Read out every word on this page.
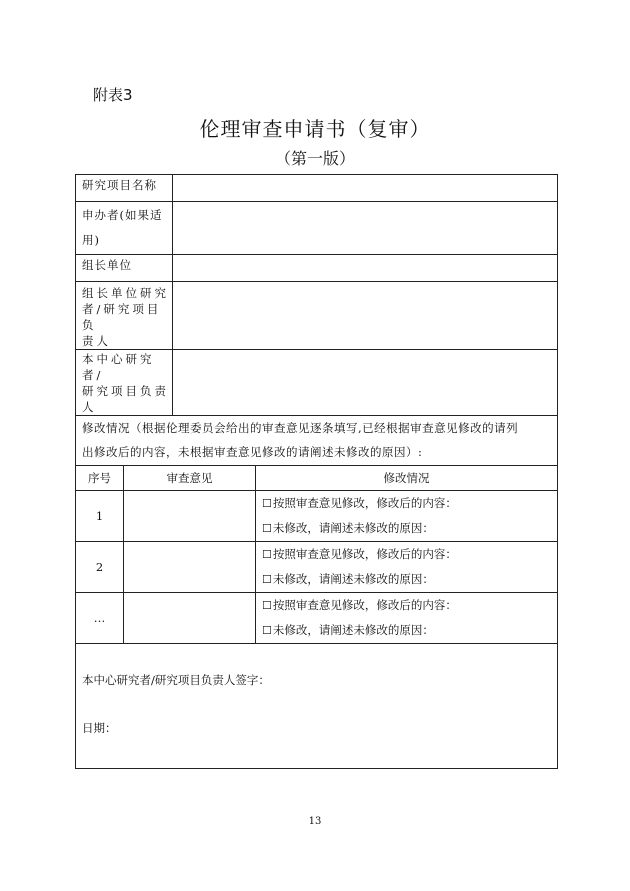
附表3
伦理审查申请书（复审）
（第一版）
研究项目名称			

申办者(如果适
用)			

组长单位			

组长单位研究
者/研究项目负
责人			

本中心研究者/
研究项目负责
人			

修改情况（根据伦理委员会给出的审查意见逐条填写,已经根据审查意见修改的请列
出修改后的内容，未根据审查意见修改的请阐述未修改的原因）:			

序号	审查意见		修改情况
1			☐按照审查意见修改，修改后的内容：
☐未修改，请阐述未修改的原因：

2			☐按照审查意见修改，修改后的内容：
☐未修改，请阐述未修改的原因：

…			☐按照审查意见修改，修改后的内容：
☐未修改，请阐述未修改的原因：

本中心研究者/研究项目负责人签字：
日期：			
13
